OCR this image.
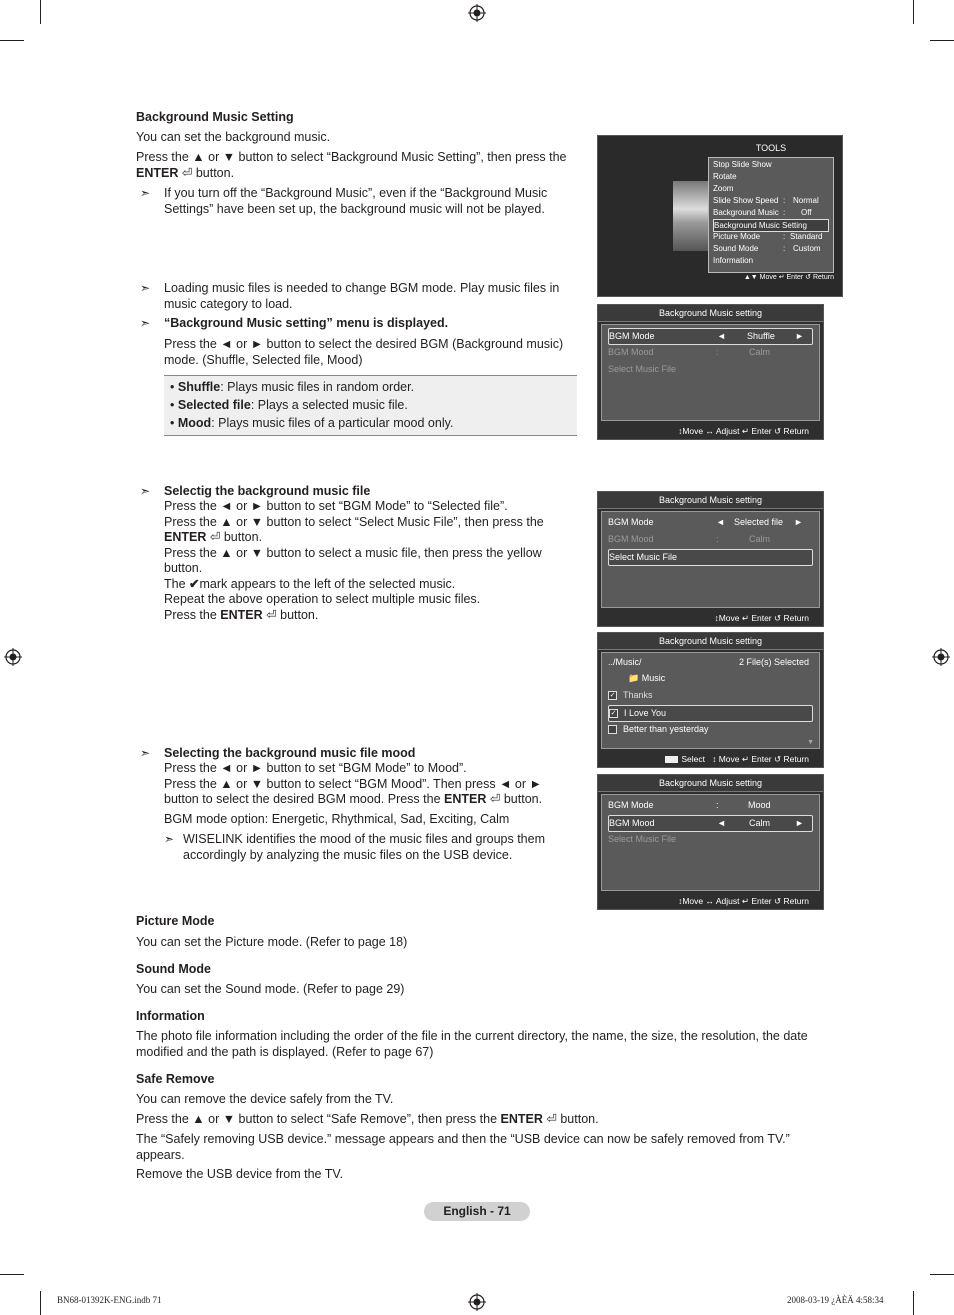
Background Music Setting
You can set the background music.
Press the ▲ or ▼ button to select “Background Music Setting”, then press the
ENTER ⏎ button.
➣ If you turn off the “Background Music”, even if the “Background Music Settings” have been set up, the background music will not be played.
➣ Loading music files is needed to change BGM mode. Play music files in music category to load.
➣ “Background Music setting” menu is displayed.
Press the ◄ or ► button to select the desired BGM (Background music) mode. (Shuffle, Selected file, Mood)
• Shuffle: Plays music files in random order.
• Selected file: Plays a selected music file.
• Mood: Plays music files of a particular mood only.
➣ Selectig the background music file
Press the ◄ or ► button to set “BGM Mode” to “Selected file”.
Press the ▲ or ▼ button to select “Select Music File”, then press the
ENTER ⏎ button.
Press the ▲ or ▼ button to select a music file, then press the yellow
button.
The ✔mark appears to the left of the selected music.
Repeat the above operation to select multiple music files.
Press the ENTER ⏎ button.
➣ Selecting the background music file mood
Press the ◄ or ► button to set “BGM Mode” to Mood”.
Press the ▲ or ▼ button to select “BGM Mood”. Then press ◄ or ►
button to select the desired BGM mood. Press the ENTER ⏎ button.
BGM mode option: Energetic, Rhythmical, Sad, Exciting, Calm
➣ WISELINK identifies the mood of the music files and groups them accordingly by analyzing the music files on the USB device.
Picture Mode
You can set the Picture mode. (Refer to page 18)
Sound Mode
You can set the Sound mode. (Refer to page 29)
Information
The photo file information including the order of the file in the current directory, the name, the size, the resolution, the date modified and the path is displayed. (Refer to page 67)
Safe Remove
You can remove the device safely from the TV.
Press the ▲ or ▼ button to select “Safe Remove”, then press the ENTER ⏎ button.
The “Safely removing USB device.” message appears and then the “USB device can now be safely removed from TV.” appears.
Remove the USB device from the TV.
TOOLS
Stop Slide Show
Rotate
Zoom
Slide Show Speed : Normal
Background Music : Off
Background Music Setting
Picture Mode	: Standard
Sound Mode	: Custom
Information
▲▼ Move ↵ Enter ↺ Return
Background Music setting
BGM Mode	◄ Shuffle ►
BGM Mood	:	Calm
Select Music File
↕Move ↔ Adjust ↵ Enter ↺ Return
Background Music setting
BGM Mode	◄ Selected file ►
BGM Mood	:	Calm
Select Music File
↕Move ↵ Enter ↺ Return
Background Music setting
../Music/	2 File(s) Selected
📁 Music
✓ Thanks
✓ I Love You
Better than yesterday
▼
Select ↕ Move ↵ Enter ↺ Return
Background Music setting
BGM Mode	:	Mood
BGM Mood	◄	Calm	►
Select Music File
↕Move ↔ Adjust ↵ Enter ↺ Return
English - 71
BN68-01392K-ENG.indb 71	2008-03-19 ¿ÀÈÄ 4:58:34
